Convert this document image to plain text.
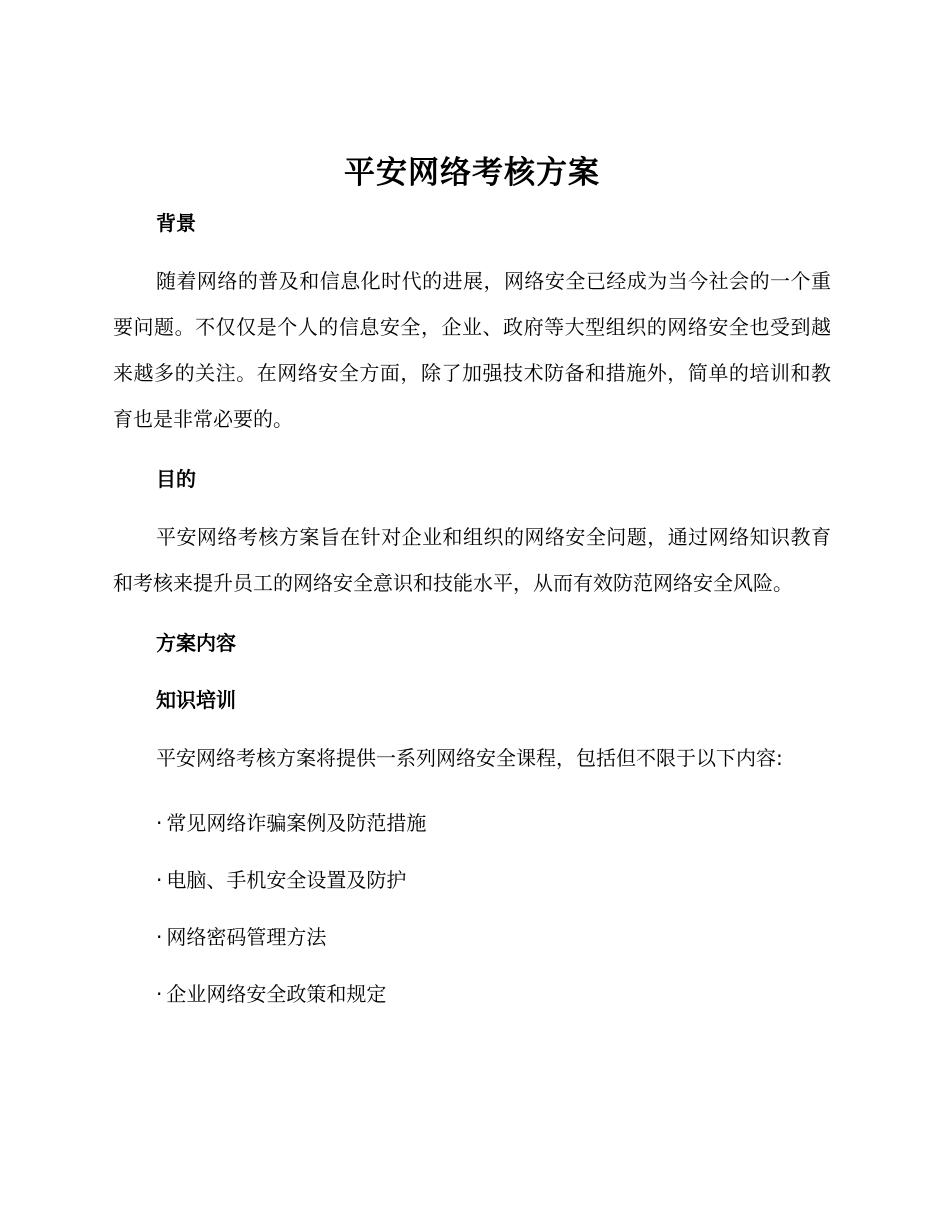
平安网络考核方案
背景

随着网络的普及和信息化时代的进展，网络安全已经成为当今社会的一个重要问题。不仅仅是个人的信息安全，企业、政府等大型组织的网络安全也受到越来越多的关注。在网络安全方面，除了加强技术防备和措施外，简单的培训和教育也是非常必要的。

目的

平安网络考核方案旨在针对企业和组织的网络安全问题，通过网络知识教育和考核来提升员工的网络安全意识和技能水平，从而有效防范网络安全风险。

方案内容
知识培训

平安网络考核方案将提供一系列网络安全课程，包括但不限于以下内容:

· 常见网络诈骗案例及防范措施

· 电脑、手机安全设置及防护

· 网络密码管理方法

· 企业网络安全政策和规定
